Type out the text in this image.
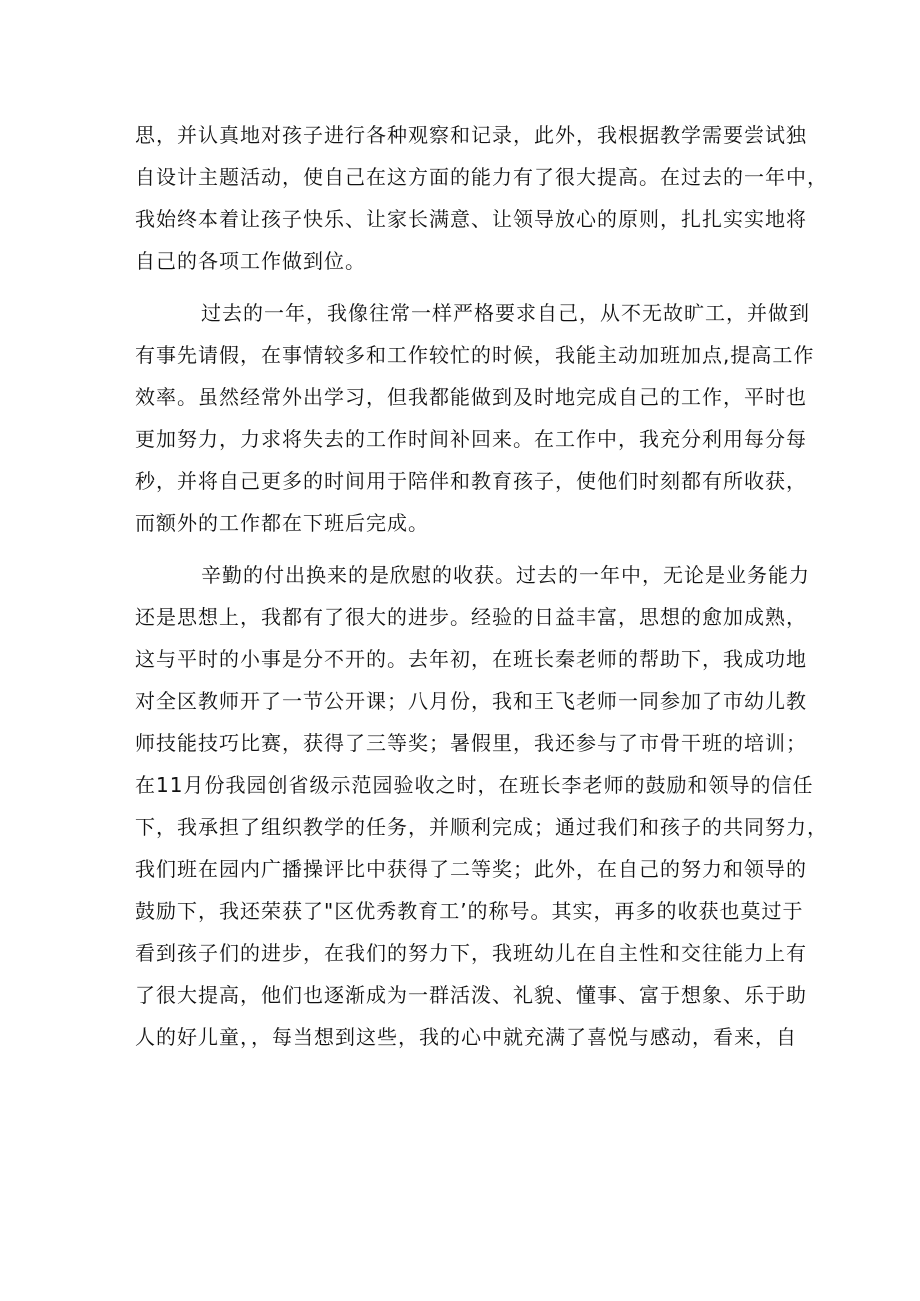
思，并认真地对孩子进行各种观察和记录，此外，我根据教学需要尝试独
自设计主题活动，使自己在这方面的能力有了很大提高。在过去的一年中，
我始终本着让孩子快乐、让家长满意、让领导放心的原则，扎扎实实地将
自己的各项工作做到位。
过去的一年，我像往常一样严格要求自己，从不无故旷工，并做到
有事先请假，在事情较多和工作较忙的时候，我能主动加班加点,提高工作
效率。虽然经常外出学习，但我都能做到及时地完成自己的工作，平时也
更加努力，力求将失去的工作时间补回来。在工作中，我充分利用每分每
秒，并将自己更多的时间用于陪伴和教育孩子，使他们时刻都有所收获，
而额外的工作都在下班后完成。
辛勤的付出换来的是欣慰的收获。过去的一年中，无论是业务能力
还是思想上，我都有了很大的进步。经验的日益丰富，思想的愈加成熟，
这与平时的小事是分不开的。去年初，在班长秦老师的帮助下，我成功地
对全区教师开了一节公开课；八月份，我和王飞老师一同参加了市幼儿教
师技能技巧比赛，获得了三等奖；暑假里，我还参与了市骨干班的培训；
在11月份我园创省级示范园验收之时，在班长李老师的鼓励和领导的信任
下，我承担了组织教学的任务，并顺利完成；通过我们和孩子的共同努力，
我们班在园内广播操评比中获得了二等奖；此外，在自己的努力和领导的
鼓励下，我还荣获了"区优秀教育工’的称号。其实，再多的收获也莫过于
看到孩子们的进步，在我们的努力下，我班幼儿在自主性和交往能力上有
了很大提高，他们也逐渐成为一群活泼、礼貌、懂事、富于想象、乐于助
人的好儿童，，每当想到这些，我的心中就充满了喜悦与感动，看来，自
